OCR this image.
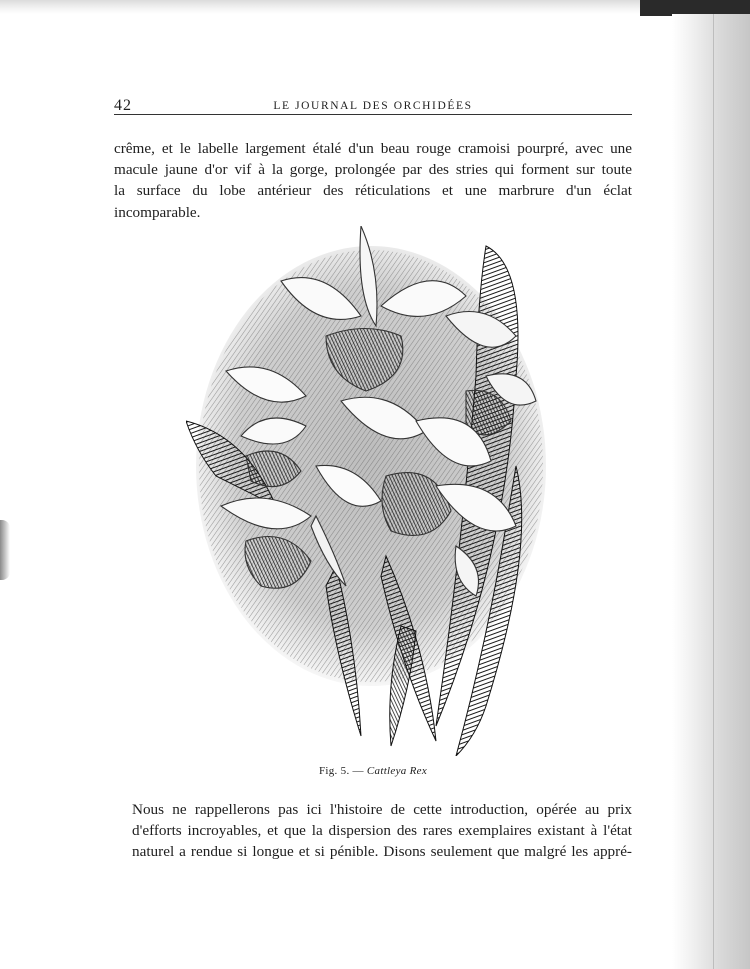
42	LE JOURNAL DES ORCHIDÉES

crême, et le labelle largement étalé d'un beau rouge cramoisi pourpré, avec une
macule jaune d'or vif à la gorge, prolongée par des stries qui forment sur toute
la surface du lobe antérieur des réticulations et une marbrure d'un éclat
incomparable.

Fig. 5. — Cattleya Rex

Nous ne rappellerons pas ici l'histoire de cette introduction, opérée au prix
d'efforts incroyables, et que la dispersion des rares exemplaires existant à l'état
naturel a rendue si longue et si pénible. Disons seulement que malgré les appré-
